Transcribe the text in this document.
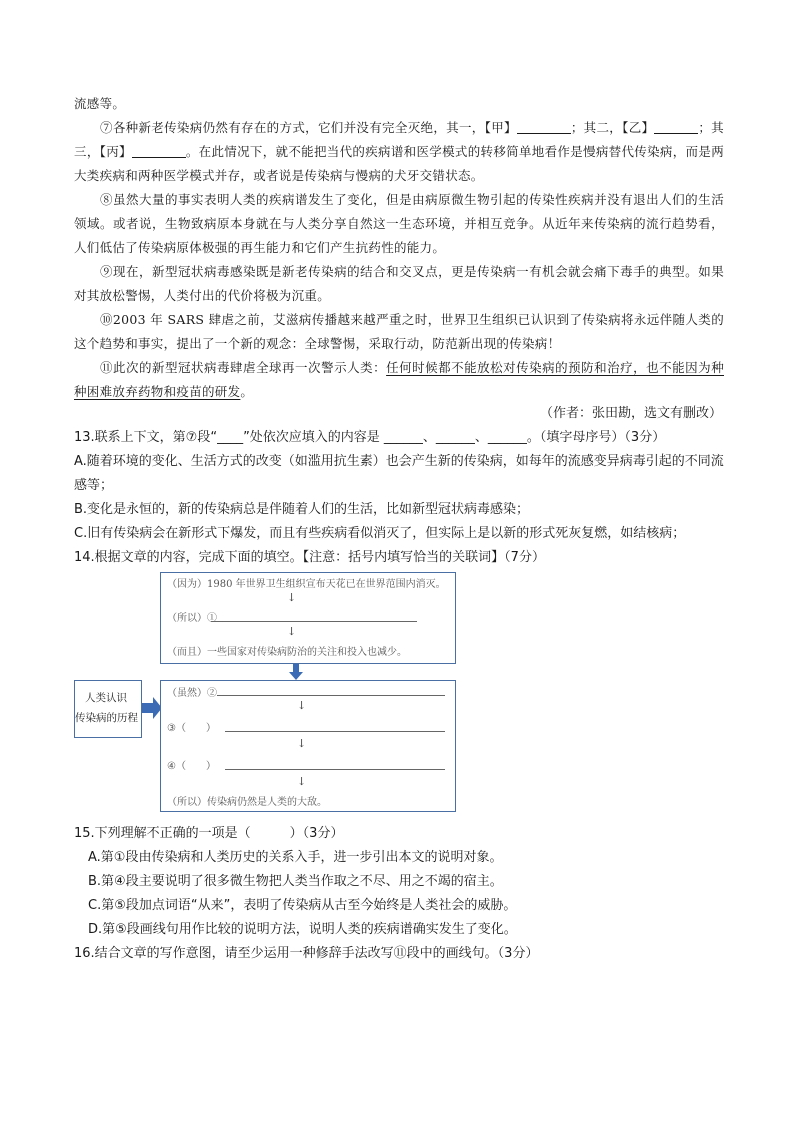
流感等。
⑦各种新老传染病仍然有存在的方式，它们并没有完全灭绝，其一，【甲】	；其二，【乙】	；其三，【丙】	。在此情况下，就不能把当代的疾病谱和医学模式的转移简单地看作是慢病替代传染病，而是两大类疾病和两种医学模式并存，或者说是传染病与慢病的犬牙交错状态。
⑧虽然大量的事实表明人类的疾病谱发生了变化，但是由病原微生物引起的传染性疾病并没有退出人们的生活领域。或者说，生物致病原本身就在与人类分享自然这一生态环境，并相互竞争。从近年来传染病的流行趋势看，人们低估了传染病原体极强的再生能力和它们产生抗药性的能力。
⑨现在，新型冠状病毒感染既是新老传染病的结合和交叉点，更是传染病一有机会就会痛下毒手的典型。如果对其放松警惕，人类付出的代价将极为沉重。
⑩2003 年 SARS 肆虐之前，艾滋病传播越来越严重之时，世界卫生组织已认识到了传染病将永远伴随人类的这个趋势和事实，提出了一个新的观念：全球警惕，采取行动，防范新出现的传染病！
⑪此次的新型冠状病毒肆虐全球再一次警示人类：任何时候都不能放松对传染病的预防和治疗，也不能因为种种困难放弃药物和疫苗的研发。
（作者：张田勘，选文有删改）
13.联系上下文，第⑦段“____”处依次应填入的内容是 ______、______、______。（填字母序号）（3分）
A.随着环境的变化、生活方式的改变（如滥用抗生素）也会产生新的传染病，如每年的流感变异病毒引起的不同流感等；
B.变化是永恒的，新的传染病总是伴随着人们的生活，比如新型冠状病毒感染；
C.旧有传染病会在新形式下爆发，而且有些疾病看似消灭了，但实际上是以新的形式死灰复燃，如结核病；
14.根据文章的内容，完成下面的填空。【注意：括号内填写恰当的关联词】（7分）
人类认识
传染病的历程
（因为）1980 年世界卫生组织宣布天花已在世界范围内消灭。
↓
（所以）①
↓
（而且）一些国家对传染病防治的关注和投入也减少。
（虽然）②
↓
③（　　）
↓
④（　　）
↓
（所以）传染病仍然是人类的大敌。
15.下列理解不正确的一项是（　　　）（3分）
A.第①段由传染病和人类历史的关系入手，进一步引出本文的说明对象。
B.第④段主要说明了很多微生物把人类当作取之不尽、用之不竭的宿主。
C.第⑤段加点词语“从来”，表明了传染病从古至今始终是人类社会的威胁。
D.第⑤段画线句用作比较的说明方法，说明人类的疾病谱确实发生了变化。
16.结合文章的写作意图，请至少运用一种修辞手法改写⑪段中的画线句。（3分）
